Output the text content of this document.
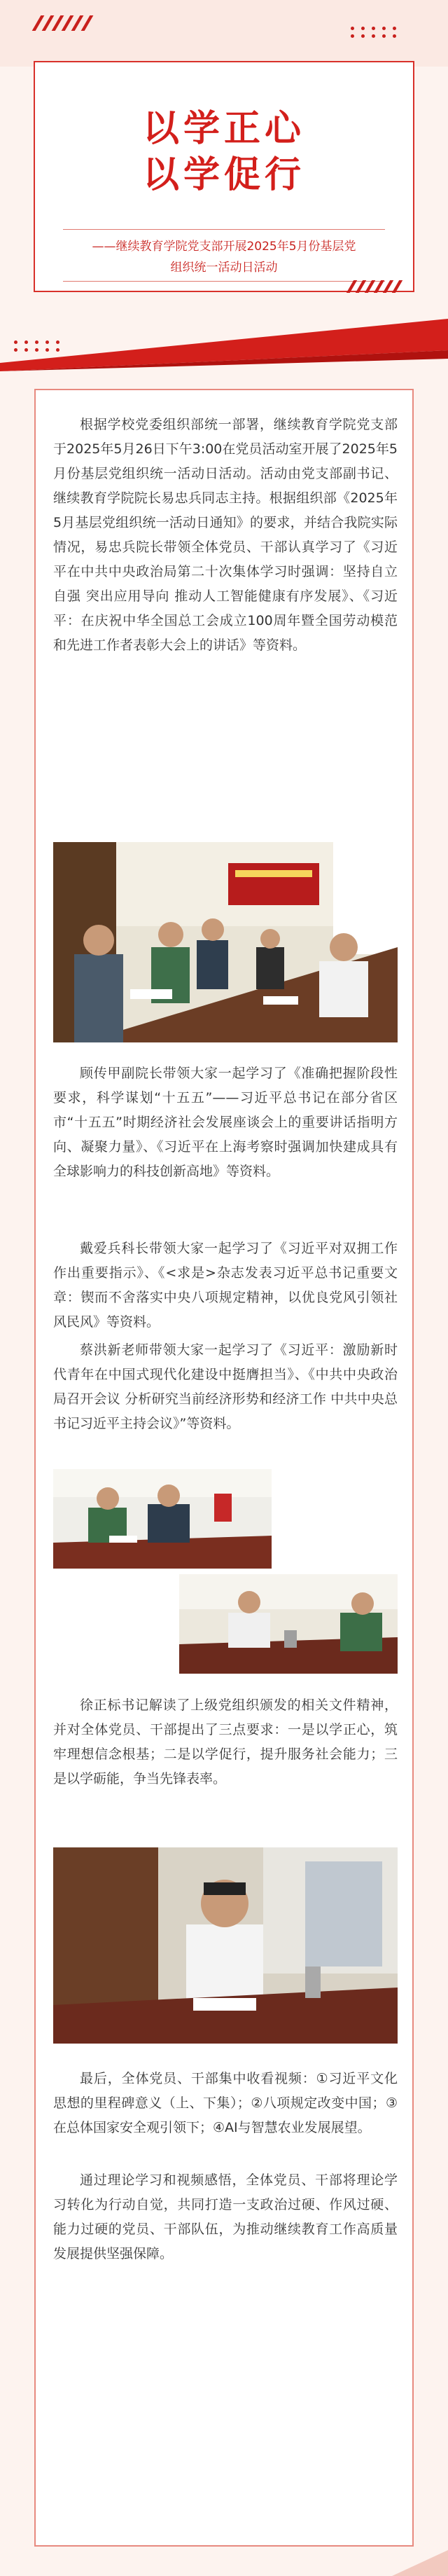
以学正心
以学促行
——继续教育学院党支部开展2025年5月份基层党
组织统一活动日活动
根据学校党委组织部统一部署，继续教育学院党支部于2025年5月26日下午3:00在党员活动室开展了2025年5月份基层党组织统一活动日活动。活动由党支部副书记、继续教育学院院长易忠兵同志主持。根据组织部《2025年5月基层党组织统一活动日通知》的要求，并结合我院实际情况，易忠兵院长带领全体党员、干部认真学习了《习近平在中共中央政治局第二十次集体学习时强调：坚持自立自强 突出应用导向 推动人工智能健康有序发展》、《习近平：在庆祝中华全国总工会成立100周年暨全国劳动模范和先进工作者表彰大会上的讲话》等资料。
顾传甲副院长带领大家一起学习了《准确把握阶段性要求，科学谋划“十五五”——习近平总书记在部分省区市“十五五”时期经济社会发展座谈会上的重要讲话指明方向、凝聚力量》、《习近平在上海考察时强调加快建成具有全球影响力的科技创新高地》等资料。
戴爱兵科长带领大家一起学习了《习近平对双拥工作作出重要指示》、《<求是>杂志发表习近平总书记重要文章：锲而不舍落实中央八项规定精神，以优良党风引领社风民风》等资料。
蔡洪新老师带领大家一起学习了《习近平：激励新时代青年在中国式现代化建设中挺膺担当》、《中共中央政治局召开会议 分析研究当前经济形势和经济工作 中共中央总书记习近平主持会议》”等资料。
徐正标书记解读了上级党组织颁发的相关文件精神，并对全体党员、干部提出了三点要求：一是以学正心，筑牢理想信念根基；二是以学促行，提升服务社会能力；三是以学砺能，争当先锋表率。
最后，全体党员、干部集中收看视频：①习近平文化思想的里程碑意义（上、下集）；②八项规定改变中国；③在总体国家安全观引领下；④AI与智慧农业发展展望。
通过理论学习和视频感悟，全体党员、干部将理论学习转化为行动自觉，共同打造一支政治过硬、作风过硬、能力过硬的党员、干部队伍，为推动继续教育工作高质量发展提供坚强保障。
